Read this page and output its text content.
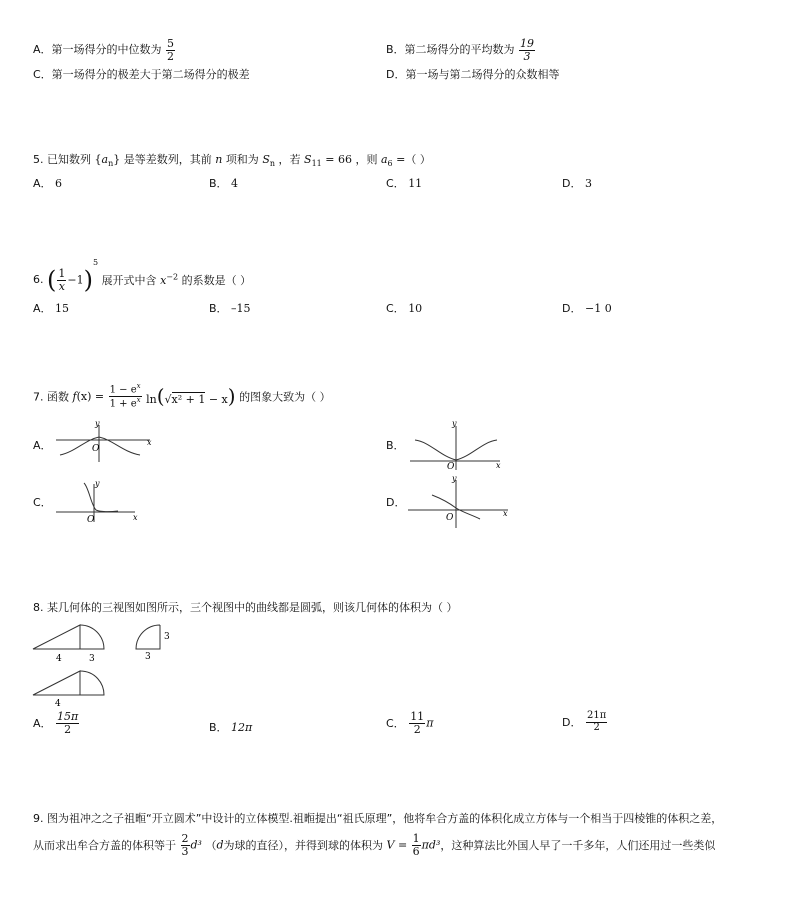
A．第一场得分的中位数为 $\frac{5}{2}$	B．第二场得分的平均数为 $\frac{19}{3}$
C．第一场得分的极差大于第二场得分的极差	D．第一场与第二场得分的众数相等
5. 已知数列 $\{a_n\}$ 是等差数列，其前 n 项和为 $S_n$ ，若 $S_{11} = 66$ ，则 $a_6$ =（ ）
A． 6	B． 4	C． 11	D． 3
6. ( $\frac{1}{x} -1)^5$ 展开式中含 $x^{-2}$ 的系数是（ ）
A． 15	B． –15	C． 10	D． −1 0
7. 函数 $f(x) = \frac{1 - e^x}{1 + e^x} \ln(√x^2 + 1 - x)$ 的图象大致为（ ）
A．	B．
C．	D．
x
y
O
x
y
O
x
y
O
x
y
O
8. 某几何体的三视图如图所示，三个视图中的曲线都是圆弧，则该几何体的体积为（ ）
4	3	3
3
4
A． $\frac{15\pi}{2}$	B． 12π	C． $\frac{11}{2}$ π	D． $\frac{21\pi}{2}$
9. 图为祖冲之之子祖暅“开立圆术”中设计的立体模型.祖暅提出“祖氏原理”，他将牟合方盖的体积化成立方体与一个相当于四棱锥的体积之差，
从而求出牟合方盖的体积等于 $\frac{2}{3} d^3$ （d为球的直径），并得到球的体积为 $V = \frac{1}{6} \pi d^3$，这种算法比外国人早了一千多年，人们还用过一些类似
